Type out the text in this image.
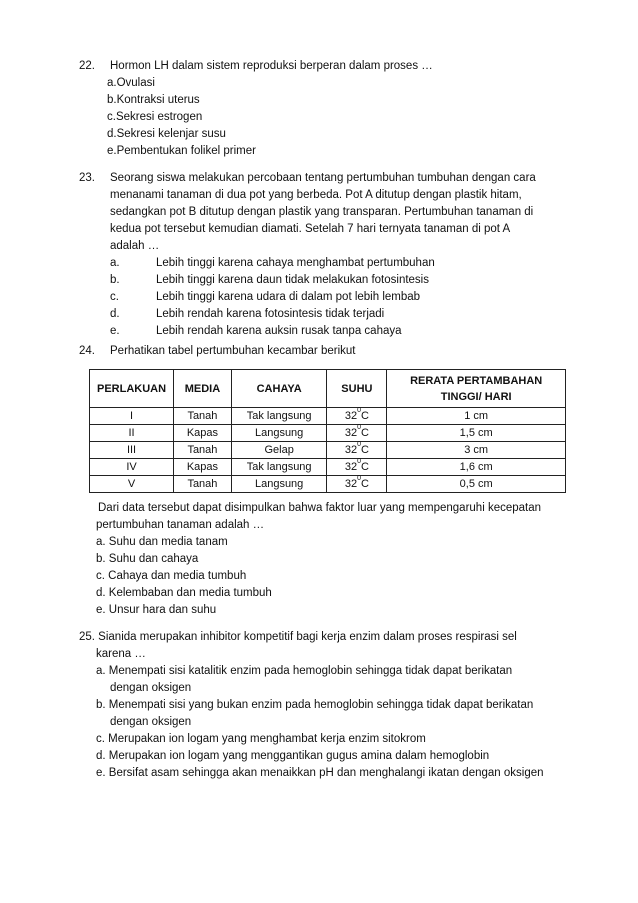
22. Hormon LH dalam sistem reproduksi berperan dalam proses …
a.Ovulasi
b.Kontraksi uterus
c.Sekresi estrogen
d.Sekresi kelenjar susu
e.Pembentukan folikel primer
23. Seorang siswa melakukan percobaan tentang pertumbuhan tumbuhan dengan cara
menanami tanaman di dua pot yang berbeda. Pot A ditutup dengan plastik hitam,
sedangkan pot B ditutup dengan plastik yang transparan. Pertumbuhan tanaman di
kedua pot tersebut kemudian diamati. Setelah 7 hari ternyata tanaman di pot A
adalah …
a.	Lebih tinggi karena cahaya menghambat pertumbuhan
b.	Lebih tinggi karena daun tidak melakukan fotosintesis
c.	Lebih tinggi karena udara di dalam pot lebih lembab
d.	Lebih rendah karena fotosintesis tidak terjadi
e.	Lebih rendah karena auksin rusak tanpa cahaya
24. Perhatikan tabel pertumbuhan kecambar berikut
PERLAKUAN	MEDIA	CAHAYA	SUHU	RERATA PERTAMBAHAN TINGGI/ HARI
I	Tanah	Tak langsung	$32^0C$	1 cm
II	Kapas	Langsung	$32^0C$	1,5 cm
III	Tanah	Gelap	$32^0C$	3 cm
IV	Kapas	Tak langsung	$32^0C$	1,6 cm
V	Tanah	Langsung	$32^0C$	0,5 cm
Dari data tersebut dapat disimpulkan bahwa faktor luar yang mempengaruhi kecepatan
pertumbuhan tanaman adalah …
a. Suhu dan media tanam
b. Suhu dan cahaya
c. Cahaya dan media tumbuh
d. Kelembaban dan media tumbuh
e. Unsur hara dan suhu
25. Sianida merupakan inhibitor kompetitif bagi kerja enzim dalam proses respirasi sel
karena …
a. Menempati sisi katalitik enzim pada hemoglobin sehingga tidak dapat berikatan
dengan oksigen
b. Menempati sisi yang bukan enzim pada hemoglobin sehingga tidak dapat berikatan
dengan oksigen
c. Merupakan ion logam yang menghambat kerja enzim sitokrom
d. Merupakan ion logam yang menggantikan gugus amina dalam hemoglobin
e. Bersifat asam sehingga akan menaikkan pH dan menghalangi ikatan dengan oksigen
